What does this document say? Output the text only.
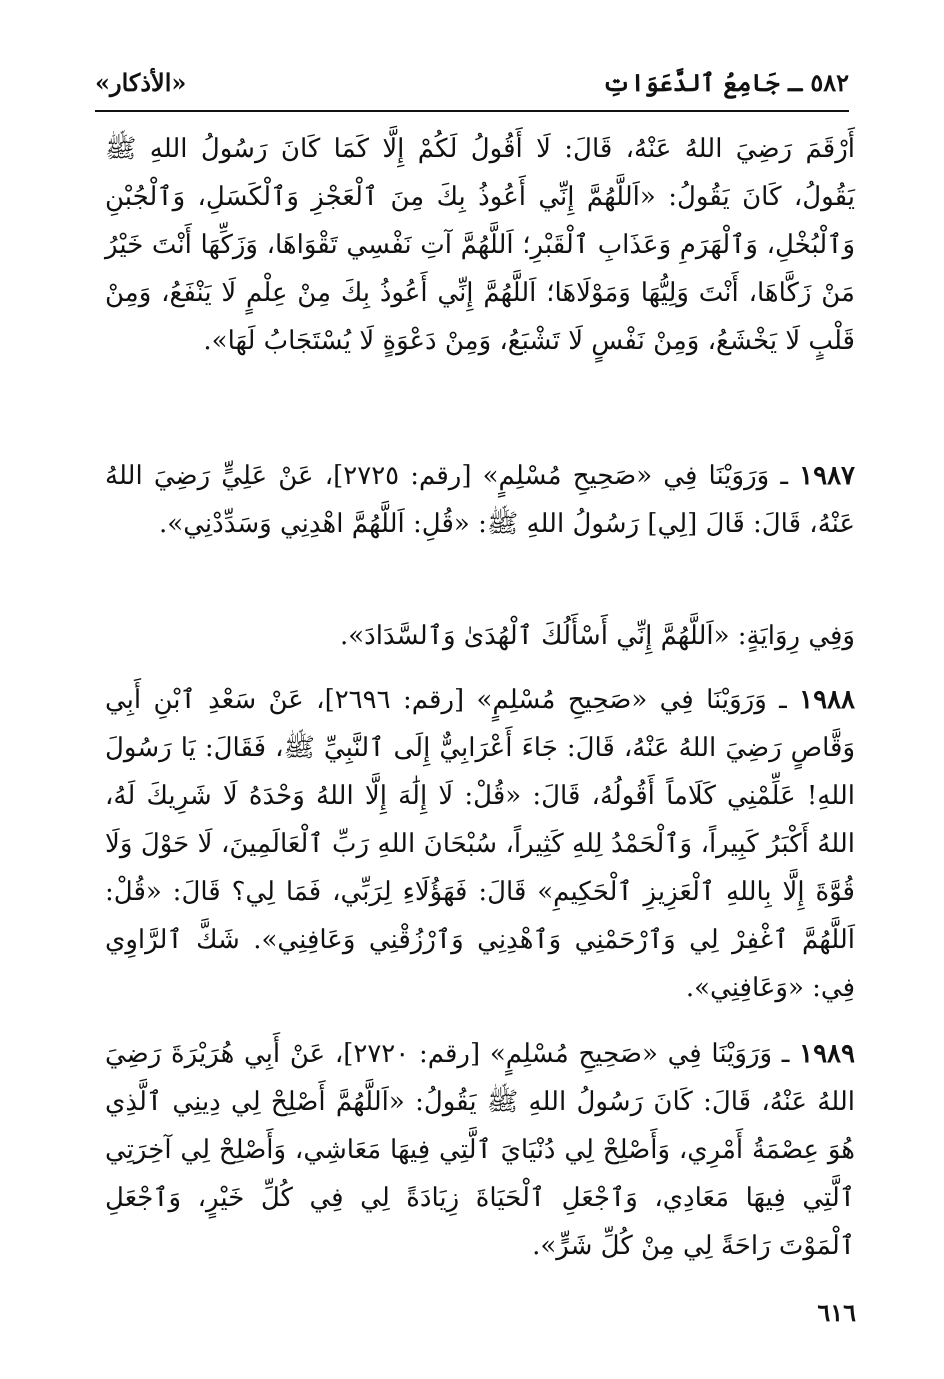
٥٨٢ ـ جَامِعُ ٱلدَّعَوَاتِ
«الأذكار»
أَرْقَمَ رَضِيَ اللهُ عَنْهُ، قَالَ: لَا أَقُولُ لَكُمْ إِلَّا كَمَا كَانَ رَسُولُ اللهِ ﷺ يَقُولُ، كَانَ يَقُولُ: «اَللَّهُمَّ إِنِّي أَعُوذُ بِكَ مِنَ ٱلْعَجْزِ وَٱلْكَسَلِ، وَٱلْجُبْنِ وَٱلْبُخْلِ، وَٱلْهَرَمِ وَعَذَابِ ٱلْقَبْرِ؛ اَللَّهُمَّ آتِ نَفْسِي تَقْوَاهَا، وَزَكِّهَا أَنْتَ خَيْرُ مَنْ زَكَّاهَا، أَنْتَ وَلِيُّهَا وَمَوْلَاهَا؛ اَللَّهُمَّ إِنِّي أَعُوذُ بِكَ مِنْ عِلْمٍ لَا يَنْفَعُ، وَمِنْ قَلْبٍ لَا يَخْشَعُ، وَمِنْ نَفْسٍ لَا تَشْبَعُ، وَمِنْ دَعْوَةٍ لَا يُسْتَجَابُ لَهَا».
١٩٨٧ ـ وَرَوَيْنَا فِي «صَحِيحِ مُسْلِمٍ» [رقم: ٢٧٢٥]، عَنْ عَلِيٍّ رَضِيَ اللهُ عَنْهُ، قَالَ: قَالَ [لِي] رَسُولُ اللهِ ﷺ: «قُلِ: اَللَّهُمَّ اهْدِنِي وَسَدِّدْنِي».
وَفِي رِوَايَةٍ: «اَللَّهُمَّ إِنِّي أَسْأَلُكَ ٱلْهُدَىٰ وَٱلسَّدَادَ».
١٩٨٨ ـ وَرَوَيْنَا فِي «صَحِيحِ مُسْلِمٍ» [رقم: ٢٦٩٦]، عَنْ سَعْدِ ٱبْنِ أَبِي وَقَّاصٍ رَضِيَ اللهُ عَنْهُ، قَالَ: جَاءَ أَعْرَابِيٌّ إِلَى ٱلنَّبِيِّ ﷺ، فَقَالَ: يَا رَسُولَ اللهِ! عَلِّمْنِي كَلَاماً أَقُولُهُ، قَالَ: «قُلْ: لَا إِلَٰهَ إِلَّا اللهُ وَحْدَهُ لَا شَرِيكَ لَهُ، اللهُ أَكْبَرُ كَبِيراً، وَٱلْحَمْدُ لِلهِ كَثِيراً، سُبْحَانَ اللهِ رَبِّ ٱلْعَالَمِينَ، لَا حَوْلَ وَلَا قُوَّةَ إِلَّا بِاللهِ ٱلْعَزِيزِ ٱلْحَكِيمِ» قَالَ: فَهَؤُلَاءِ لِرَبِّي، فَمَا لِي؟ قَالَ: «قُلْ: اَللَّهُمَّ ٱغْفِرْ لِي وَٱرْحَمْنِي وَٱهْدِنِي وَٱرْزُقْنِي وَعَافِنِي». شَكَّ ٱلرَّاوِي فِي: «وَعَافِنِي».
١٩٨٩ ـ وَرَوَيْنَا فِي «صَحِيحِ مُسْلِمٍ» [رقم: ٢٧٢٠]، عَنْ أَبِي هُرَيْرَةَ رَضِيَ اللهُ عَنْهُ، قَالَ: كَانَ رَسُولُ اللهِ ﷺ يَقُولُ: «اَللَّهُمَّ أَصْلِحْ لِي دِينِي ٱلَّذِي هُوَ عِصْمَةُ أَمْرِي، وَأَصْلِحْ لِي دُنْيَايَ ٱلَّتِي فِيهَا مَعَاشِي، وَأَصْلِحْ لِي آخِرَتِي ٱلَّتِي فِيهَا مَعَادِي، وَٱجْعَلِ ٱلْحَيَاةَ زِيَادَةً لِي فِي كُلِّ خَيْرٍ، وَٱجْعَلِ ٱلْمَوْتَ رَاحَةً لِي مِنْ كُلِّ شَرٍّ».
٦١٦
